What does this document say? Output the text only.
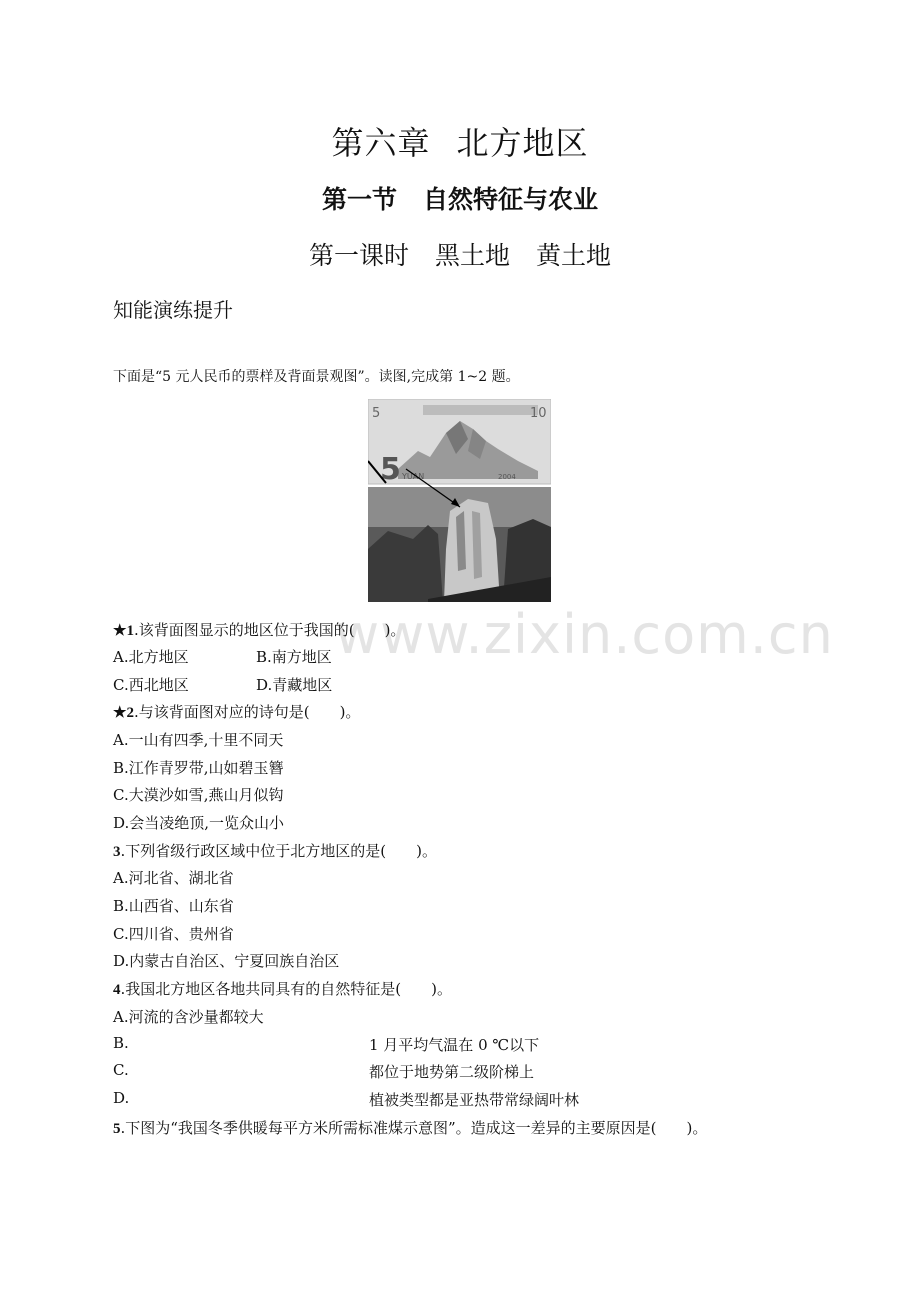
第六章 北方地区
第一节 自然特征与农业
第一课时 黑土地 黄土地
知能演练提升
下面是“5 元人民币的票样及背面景观图”。读图,完成第 1~2 题。
5	10
5 YUAN	2004
www.zixin.com.cn
★1.该背面图显示的地区位于我国的(　　)。
A.北方地区	B.南方地区
C.西北地区	D.青藏地区
★2.与该背面图对应的诗句是(　　)。
A.一山有四季,十里不同天
B.江作青罗带,山如碧玉簪
C.大漠沙如雪,燕山月似钩
D.会当凌绝顶,一览众山小
3.下列省级行政区域中位于北方地区的是(　　)。
A.河北省、湖北省
B.山西省、山东省
C.四川省、贵州省
D.内蒙古自治区、宁夏回族自治区
4.我国北方地区各地共同具有的自然特征是(　　)。
A.河流的含沙量都较大
B.	1 月平均气温在 0 ℃以下
C.	都位于地势第二级阶梯上
D.	植被类型都是亚热带常绿阔叶林
5.下图为“我国冬季供暖每平方米所需标准煤示意图”。造成这一差异的主要原因是(　　)。
